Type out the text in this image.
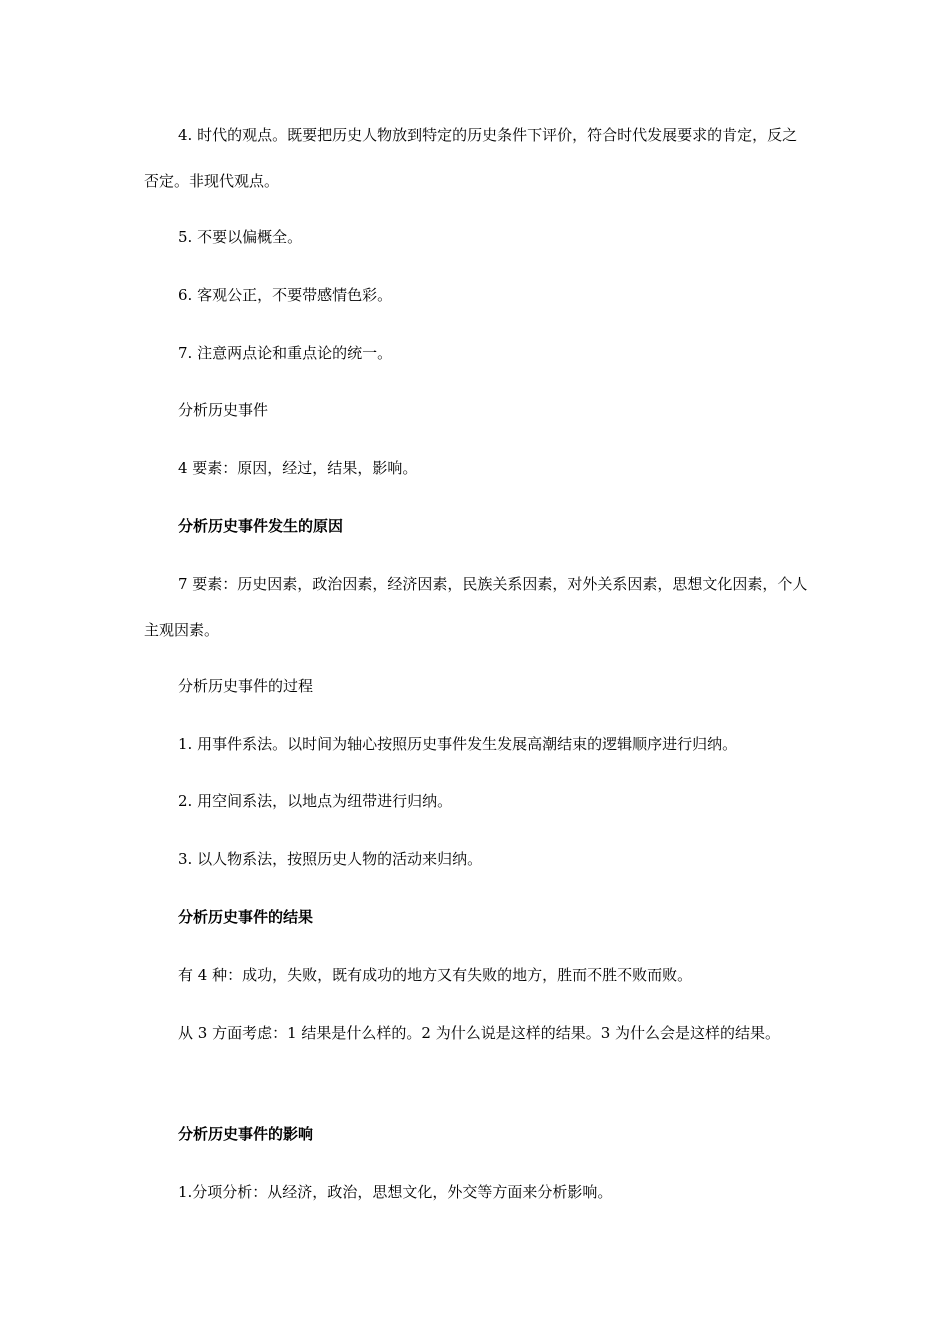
4. 时代的观点。既要把历史人物放到特定的历史条件下评价，符合时代发展要求的肯定，反之否定。非现代观点。

5. 不要以偏概全。

6. 客观公正，不要带感情色彩。

7. 注意两点论和重点论的统一。

分析历史事件

4 要素：原因，经过，结果，影响。

分析历史事件发生的原因

7 要素：历史因素，政治因素，经济因素，民族关系因素，对外关系因素，思想文化因素，个人主观因素。

分析历史事件的过程

1. 用事件系法。以时间为轴心按照历史事件发生发展高潮结束的逻辑顺序进行归纳。

2. 用空间系法，以地点为纽带进行归纳。

3. 以人物系法，按照历史人物的活动来归纳。

分析历史事件的结果

有 4 种：成功，失败，既有成功的地方又有失败的地方，胜而不胜不败而败。

从 3 方面考虑：1 结果是什么样的。2 为什么说是这样的结果。3 为什么会是这样的结果。

分析历史事件的影响

1.分项分析：从经济，政治，思想文化，外交等方面来分析影响。
